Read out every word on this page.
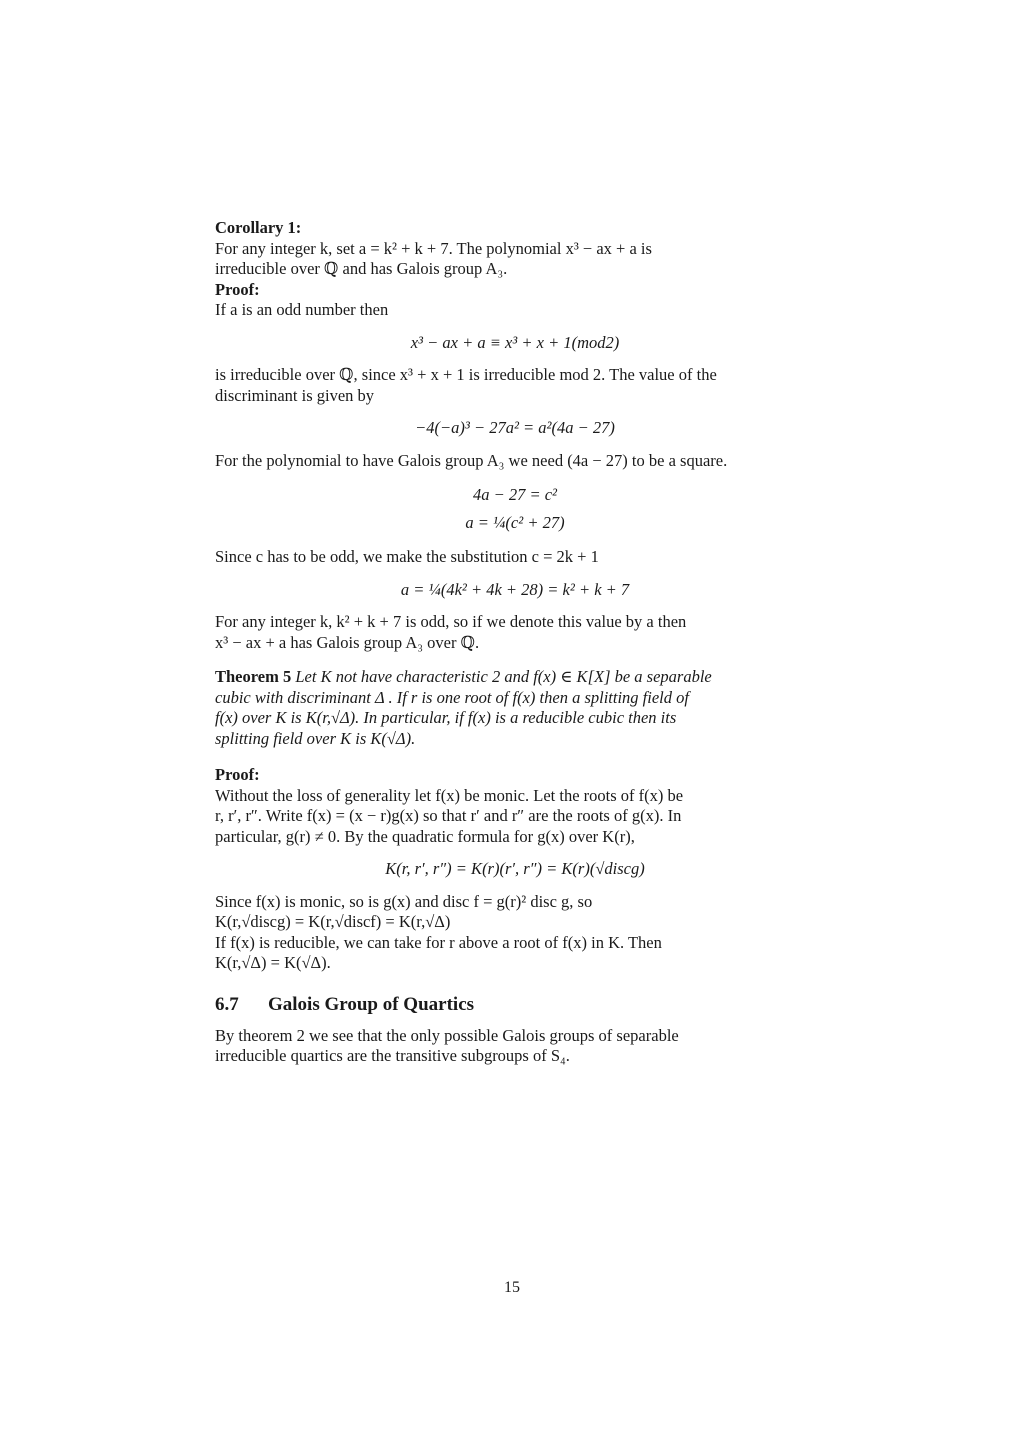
Corollary 1:
For any integer k, set a = k² + k + 7. The polynomial x³ − ax + a is
irreducible over ℚ and has Galois group A₃.
Proof:
If a is an odd number then
x³ − ax + a ≡ x³ + x + 1(mod2)
is irreducible over ℚ, since x³ + x + 1 is irreducible mod 2. The value of the
discriminant is given by
−4(−a)³ − 27a² = a²(4a − 27)
For the polynomial to have Galois group A₃ we need (4a − 27) to be a square.
4a − 27 = c²
a = ¼(c² + 27)
Since c has to be odd, we make the substitution c = 2k + 1
a = ¼(4k² + 4k + 28) = k² + k + 7
For any integer k, k² + k + 7 is odd, so if we denote this value by a then
x³ − ax + a has Galois group A₃ over ℚ.
Theorem 5 Let K not have characteristic 2 and f(x) ∈ K[X] be a separable
cubic with discriminant Δ . If r is one root of f(x) then a splitting field of
f(x) over K is K(r,√Δ). In particular, if f(x) is a reducible cubic then its
splitting field over K is K(√Δ).
Proof:
Without the loss of generality let f(x) be monic. Let the roots of f(x) be
r, r′, r″. Write f(x) = (x − r)g(x) so that r′ and r″ are the roots of g(x). In
particular, g(r) ≠ 0. By the quadratic formula for g(x) over K(r),
K(r, r′, r″) = K(r)(r′, r″) = K(r)(√discg)
Since f(x) is monic, so is g(x) and disc f = g(r)² disc g, so
K(r,√discg) = K(r,√discf) = K(r,√Δ)
If f(x) is reducible, we can take for r above a root of f(x) in K. Then
K(r,√Δ) = K(√Δ).
6.7 Galois Group of Quartics
By theorem 2 we see that the only possible Galois groups of separable
irreducible quartics are the transitive subgroups of S₄.
15
